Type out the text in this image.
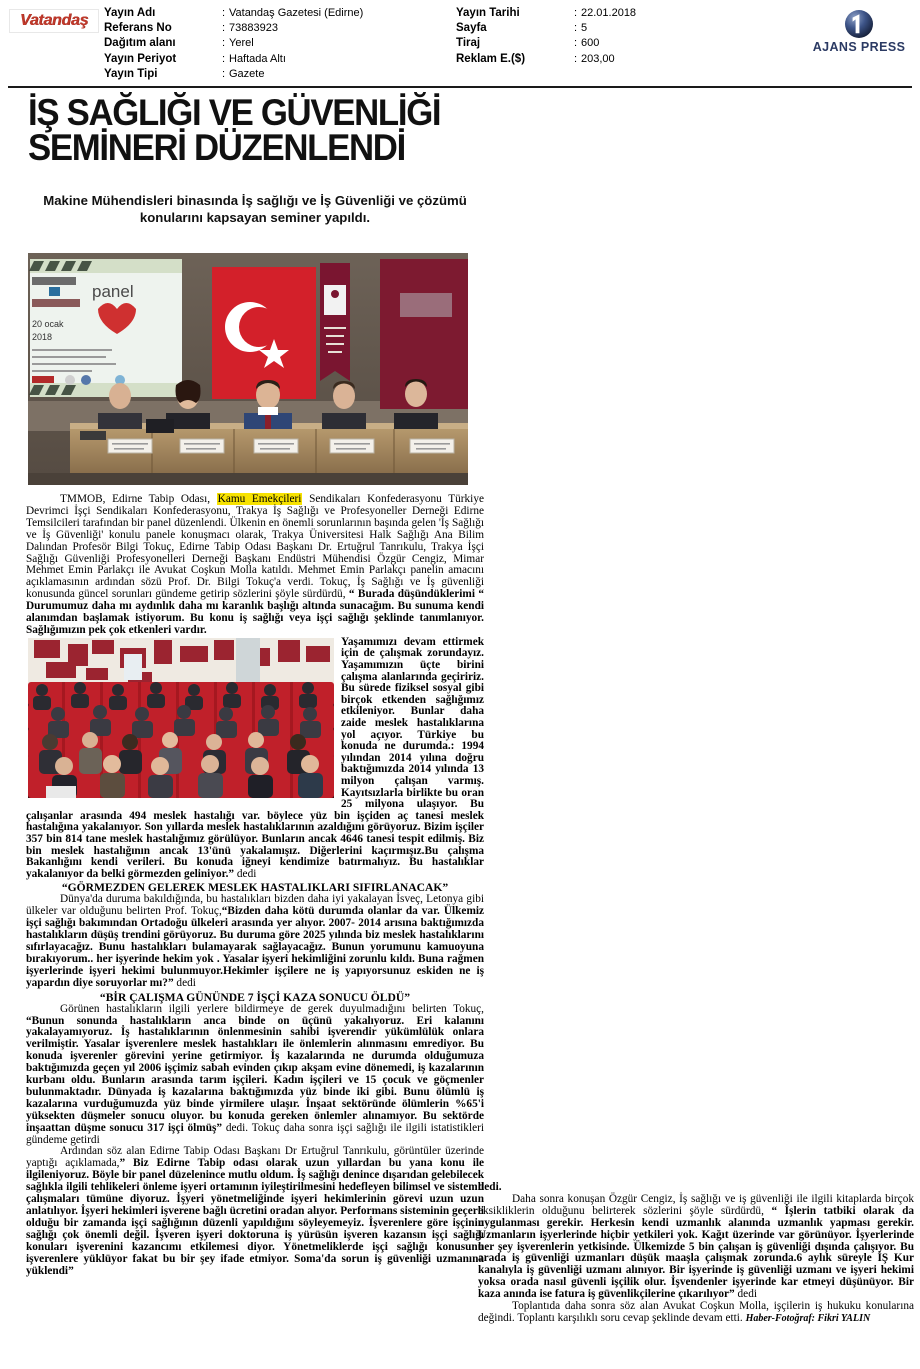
Vatandaş Yayın Adı	: Vatandaş Gazetesi (Edirne)
Referans No	: 73883923
Dağıtım alanı	: Yerel
Yayın Periyot	: Haftada Altı
Yayın Tipi	: Gazete
Yayın Tarihi	: 22.01.2018
Sayfa	: 5
Tiraj	: 600
Reklam E.($)	: 203,00
AJANS PRESS
İŞ SAĞLIĞI VE GÜVENLİĞİ
SEMİNERİ DÜZENLENDİ
Makine Mühendisleri binasında İş sağlığı ve İş Güvenliği ve çözümü konularını kapsayan seminer yapıldı.
panel
20 ocak
2018

TMMOB, Edirne Tabip Odası, Kamu Emekçileri Sendikaları Konfederasyonu Türkiye Devrimci İşçi Sendikaları Konfederasyonu, Trakya İş Sağlığı ve Profesyoneller Derneği Edirne Temsilcileri tarafından bir panel düzenlendi. Ülkenin en önemli sorunlarının başında gelen 'İş Sağlığı ve İş Güvenliği' konulu panele konuşmacı olarak, Trakya Üniversitesi Halk Sağlığı Ana Bilim Dalından Profesör Bilgi Tokuç, Edirne Tabip Odası Başkanı Dr. Ertuğrul Tanrıkulu, Trakya İşçi Sağlığı Güvenliği Profesyonelleri Derneği Başkanı Endüstri Mühendisi Özgür Cengiz, Mimar Mehmet Emin Parlakçı ile Avukat Coşkun Molla katıldı. Mehmet Emin Parlakçı panelin amacını açıklamasının ardından sözü Prof. Dr. Bilgi Tokuç'a verdi. Tokuç, İş Sağlığı ve İş güvenliği konusunda güncel sorunları gündeme getirip sözlerini şöyle sürdürdü, “ Burada düşündüklerimi “ Durumumuz daha mı aydınlık daha mı karanlık başlığı altında sunacağım. Bu sunuma kendi alanımdan başlamak istiyorum. Bu konu iş sağlığı veya işçi sağlığı şeklinde tanımlanıyor. Sağlığımızın pek çok etkenleri vardır.

Yaşamımızı devam ettirmek için de çalışmak zorundayız. Yaşamımızın üçte birini çalışma alanlarında geçiririz. Bu sürede fiziksel sosyal gibi birçok etkenden sağlığımız etkileniyor. Bunlar daha zaide meslek hastalıklarına yol açıyor. Türkiye bu konuda ne durumda.: 1994 yılından 2014 yılına doğru baktığımızda 2014 yılında 13 milyon çalışan varmış. Kayıtsızlarla birlikte bu oran 25 milyona ulaşıyor. Bu çalışanlar arasında 494 meslek hastalığı var. böylece yüz bin işçiden aç tanesi meslek hastalığına yakalanıyor. Son yıllarda meslek hastalıklarının azaldığını görüyoruz. Bizim işçiler 357 bin 814 tane meslek hastalığımız görülüyor. Bunların ancak 4646 tanesi tespit edilmiş. Biz bin meslek hastalığının ancak 13'ünü yakalamışız. Diğerlerini kaçırmışız.Bu çalışma Bakanlığını kendi verileri. Bu konuda iğneyi kendimize batırmalıyız. Bu hastalıklar yakalanıyor da belki görmezden geliniyor.” dedi

“GÖRMEZDEN GELEREK MESLEK HASTALIKLARI SIFIRLANACAK”

Dünya'da duruma bakıldığında, bu hastalıkları bizden daha iyi yakalayan İsveç, Letonya gibi ülkeler var olduğunu belirten Prof. Tokuç,“Bizden daha kötü durumda olanlar da var. Ülkemiz işçi sağlığı bakımından Ortadoğu ülkeleri arasında yer alıyor. 2007- 2014 arısına baktığımızda hastalıkların düşüş trendini görüyoruz. Bu duruma göre 2025 yılında biz meslek hastalıklarını sıfırlayacağız. Bunu hastalıkları bulamayarak sağlayacağız. Bunun yorumunu kamuoyuna bırakıyorum.. her işyerinde hekim yok . Yasalar işyeri hekimliğini zorunlu kıldı. Buna rağmen işyerlerinde işyeri hekimi bulunmuyor.Hekimler işçilere ne iş yapıyorsunuz eskiden ne iş yapardın diye soruyorlar mı?” dedi

“BİR ÇALIŞMA GÜNÜNDE 7 İŞÇİ KAZA SONUCU ÖLDÜ”

Görünen hastalıkların ilgili yerlere bildirmeye de gerek duyulmadığını belirten Tokuç, “Bunun sonunda hastalıkların anca binde on üçünü yakalıyoruz. Eri kalanını yakalayamıyoruz. İş hastalıklarının önlenmesinin sahibi işverendir yükümlülük onlara verilmiştir. Yasalar işverenlere meslek hastalıkları ile önlemlerin alınmasını emrediyor. Bu konuda işverenler görevini yerine getirmiyor. İş kazalarında ne durumda olduğumuza baktığımızda geçen yıl 2006 işçimiz sabah evinden çıkıp akşam evine dönemedi, iş kazalarının kurbanı oldu. Bunların arasında tarım işçileri. Kadın işçileri ve 15 çocuk ve göçmenler bulunmaktadır. Dünyada iş kazalarına baktığımızda yüz binde iki gibi. Bunu ölümlü iş kazalarına vurduğumuzda yüz binde yirmilere ulaşır. İnşaat sektöründe ölümlerin %65'i yüksekten düşmeler sonucu oluyor. bu konuda gereken önlemler alınamıyor. Bu sektörde inşaattan düşme sonucu 317 işçi ölmüş” dedi. Tokuç daha sonra işçi sağlığı ile ilgili istatistikleri gündeme getirdi

Ardından söz alan Edirne Tabip Odası Başkanı Dr Ertuğrul Tanrıkulu, görüntüler üzerinde yaptığı açıklamada,” Biz Edirne Tabip odası olarak uzun yıllardan bu yana konu ile ilgileniyoruz. Böyle bir panel düzelenince mutlu oldum. İş sağlığı denince dışarıdan gelebilecek sağlıkla ilgili tehlikeleri önleme işyeri ortamının iyileştirilmesini hedefleyen bilimsel ve sistemli çalışmaları tümüne diyoruz. İşyeri yönetmeliğinde işyeri hekimlerinin görevi uzun uzun anlatılıyor. İşyeri hekimleri işverene bağlı ücretini oradan alıyor. Performans sisteminin geçerli olduğu bir zamanda işçi sağlığının düzenli yapıldığını söyleyemeyiz. İşverenlere göre işçinin sağlığı çok önemli değil. İşveren işyeri doktoruna iş yürüsün işveren kazansın işçi sağlığı konuları işverenini kazancımı etkilemesi diyor. Yönetmeliklerde işçi sağlığı konusunu işverenlere yüklüyor fakat bu bir şey ifade etmiyor. Soma'da sorun iş güvenliği uzmanına yüklendi”

dedi.

Daha sonra konuşan Özgür Cengiz, İş sağlığı ve iş güvenliği ile ilgili kitaplarda birçok eksikliklerin olduğunu belirterek sözlerini şöyle sürdürdü, “ İşlerin tatbiki olarak da uygulanması gerekir. Herkesin kendi uzmanlık alanında uzmanlık yapması gerekir. Uzmanların işyerlerinde hiçbir yetkileri yok. Kağıt üzerinde var görünüyor. İşyerlerinde her şey işverenlerin yetkisinde. Ülkemizde 5 bin çalışan iş güvenliği dışında çalışıyor. Bu arada iş güvenliği uzmanları düşük maaşla çalışmak zorunda.6 aylık süreyle İŞ Kur kanalıyla iş güvenliği uzmanı alınıyor. Bir işyerinde iş güvenliği uzmanı ve işyeri hekimi yoksa orada nasıl güvenli işçilik olur. İşvendenler işyerinde kar etmeyi düşünüyor. Bir kaza anında ise fatura iş güvenlikçilerine çıkarılıyor” dedi

Toplantıda daha sonra söz alan Avukat Coşkun Molla, işçilerin iş hukuku konularına değindi. Toplantı karşılıklı soru cevap şeklinde devam etti. Haber-Fotoğraf: Fikri YALIN
